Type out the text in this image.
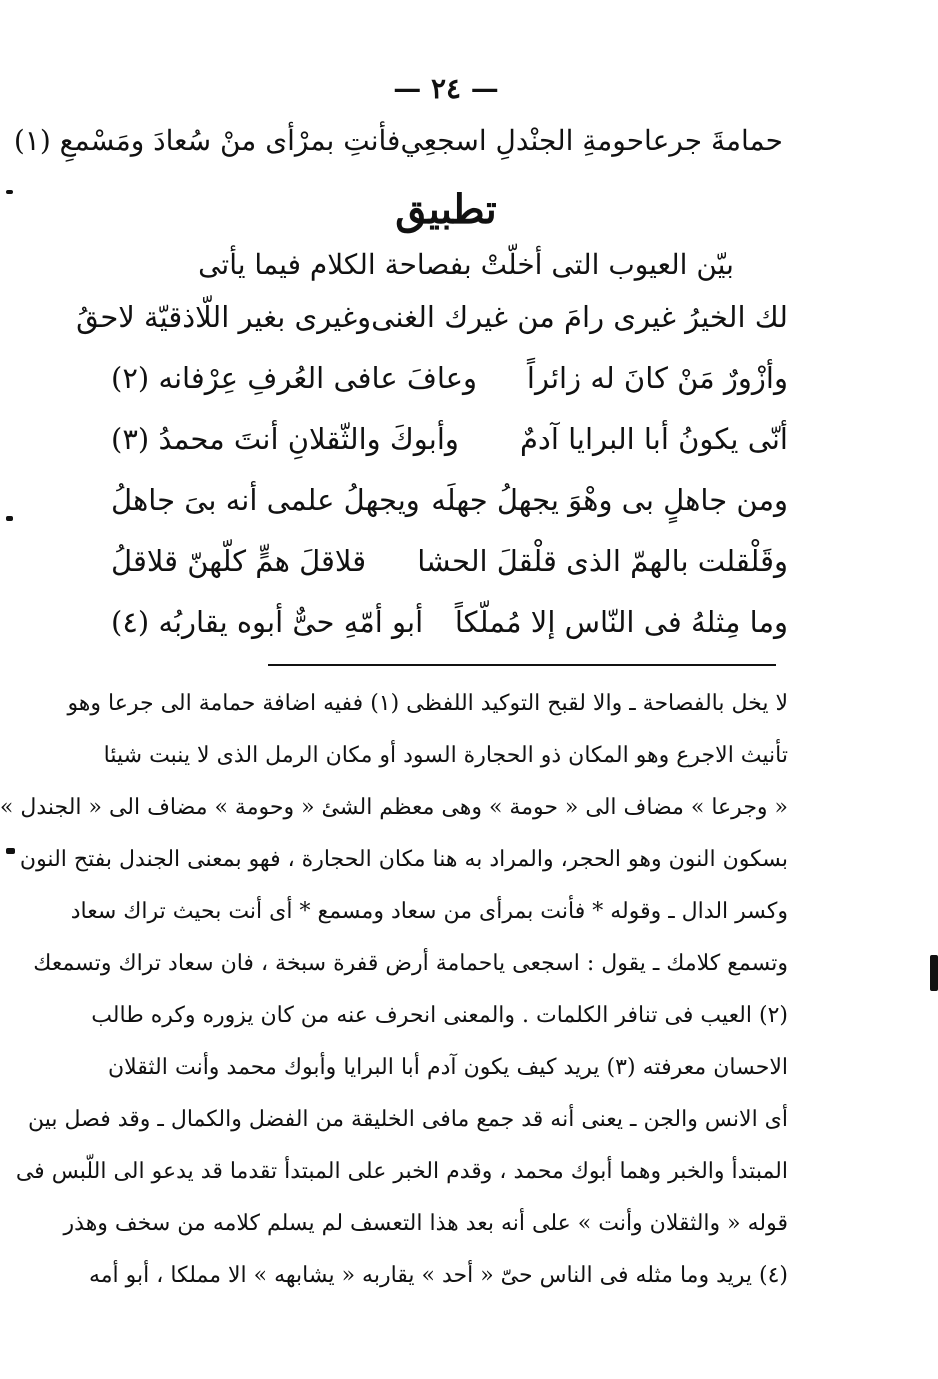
— ٢٤ —
حمامةَ جرعاحومةِ الجنْدلِ اسجعِي
فأنتِ بمرْأى منْ سُعادَ ومَسْمعِ (١)
تطبيق
بيّن العيوب التى أخلّتْ بفصاحة الكلام فيما يأتى
لك الخيرُ غيرى رامَ من غيرك الغنى
وغيرى بغير اللّاذقيّة لاحقُ
وأزْورٌ مَنْ كانَ له زائراً
وعافَ عافى العُرفِ عِرْفانه (٢)
أنّى يكونُ أبا البرايا آدمٌ
وأبوكَ والثّقلانِ أنتَ محمدُ (٣)
ومن جاهلٍ بى وهْوَ يجهلُ جهلَه
ويجهلُ علمى أنه بىَ جاهلُ
وقَلْقلت بالهمّ الذى قلْقلَ الحشا
قلاقلَ همٍّ كلّهنّ قلاقلُ
وما مِثلهُ فى النّاس إلا مُملّكاً
أبو أمّهِ حىٌّ أبوه يقاربُه (٤)
لا يخل بالفصاحة ـ والا لقبح التوكيد اللفظى (١) ففيه اضافة حمامة الى جرعا وهو
تأنيث الاجرع وهو المكان ذو الحجارة السود أو مكان الرمل الذى لا ينبت شيئا
« وجرعا » مضاف الى « حومة » وهى معظم الشئ « وحومة » مضاف الى « الجندل »
بسكون النون وهو الحجر، والمراد به هنا مكان الحجارة ، فهو بمعنى الجندل بفتح النون
وكسر الدال ـ وقوله * فأنت بمرأى من سعاد ومسمع * أى أنت بحيث تراك سعاد
وتسمع كلامك ـ يقول : اسجعى ياحمامة أرض قفرة سبخة ، فان سعاد تراك وتسمعك
(٢) العيب فى تنافر الكلمات . والمعنى انحرف عنه من كان يزوره وكره طالب
الاحسان معرفته (٣) يريد كيف يكون آدم أبا البرايا وأبوك محمد وأنت الثقلان
أى الانس والجن ـ يعنى أنه قد جمع مافى الخليقة من الفضل والكمال ـ وقد فصل بين
المبتدأ والخبر وهما أبوك محمد ، وقدم الخبر على المبتدأ تقدما قد يدعو الى اللّبس فى
قوله « والثقلان وأنت » على أنه بعد هذا التعسف لم يسلم كلامه من سخف وهذر
(٤) يريد وما مثله فى الناس حىّ « أحد » يقاربه « يشابهه » الا مملكا ، أبو أمه
